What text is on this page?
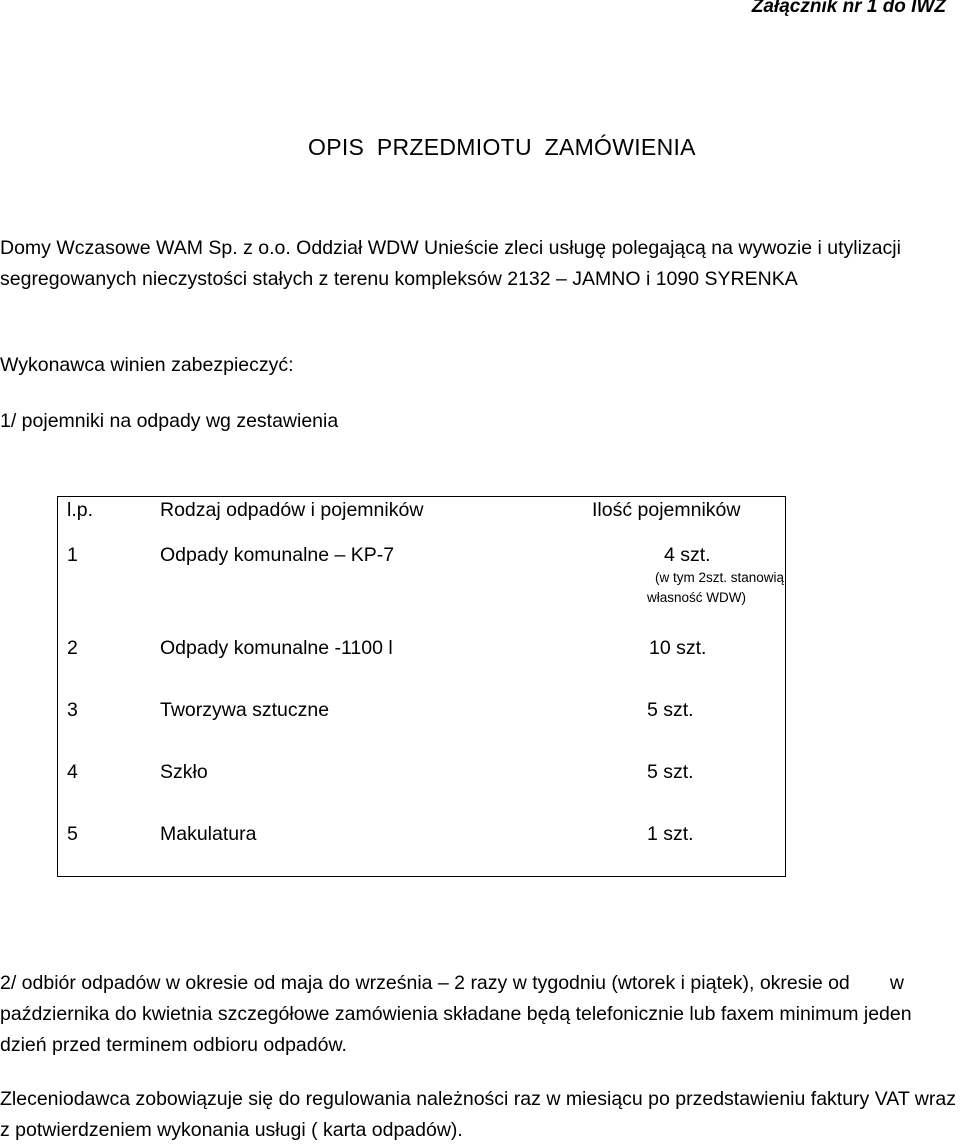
Załącznik nr 1 do IWZ
OPIS PRZEDMIOTU ZAMÓWIENIA
Domy Wczasowe WAM Sp. z o.o. Oddział WDW Unieście zleci usługę polegającą na wywozie i utylizacji segregowanych nieczystości stałych z terenu kompleksów 2132 – JAMNO i 1090 SYRENKA
Wykonawca winien zabezpieczyć:
1/ pojemniki na odpady wg zestawienia
l.p.	Rodzaj odpadów i pojemników	Ilość pojemników
1	Odpady komunalne – KP-7	4 szt.
(w tym 2szt. stanowią
własność WDW)

2	Odpady komunalne -1100 l	10 szt.

3	Tworzywa sztuczne	5 szt.

4	Szkło	5 szt.

5	Makulatura	1 szt.
2/ odbiór odpadów w okresie od maja do września – 2 razy w tygodniu (wtorek i piątek),	w
okresie od października do kwietnia szczegółowe zamówienia składane będą telefonicznie lub faxem minimum jeden dzień przed terminem odbioru odpadów.
Zleceniodawca zobowiązuje się do regulowania należności raz w miesiącu po przedstawieniu faktury VAT wraz z potwierdzeniem wykonania usługi ( karta odpadów).
